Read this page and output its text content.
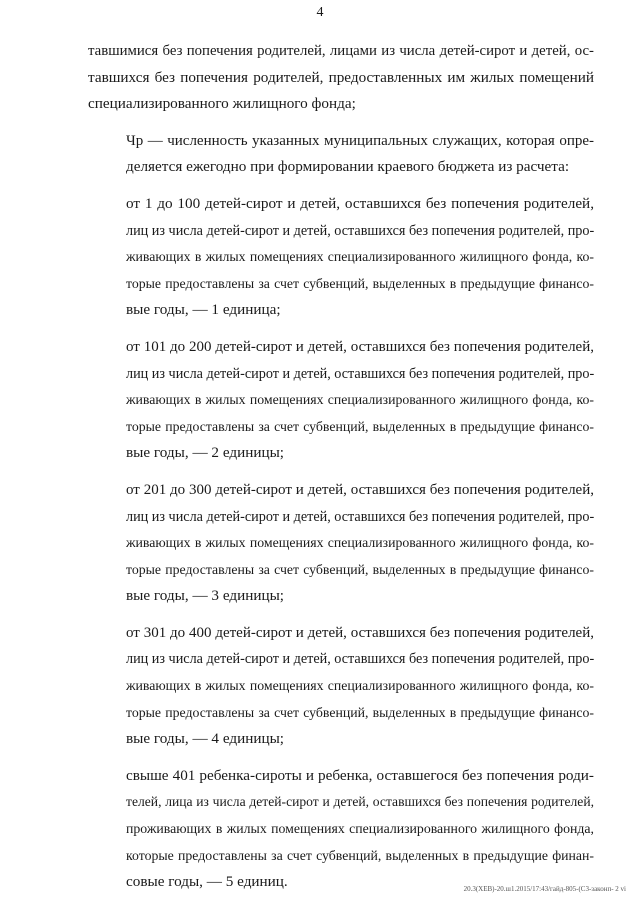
4

тавшимися без попечения родителей, лицами из числа детей-сирот и детей, ос-
тавшихся без попечения родителей, предоставленных им жилых помещений
специализированного жилищного фонда;

Чр — численность указанных муниципальных служащих, которая опре-
деляется ежегодно при формировании краевого бюджета из расчета:

от 1 до 100 детей-сирот и детей, оставшихся без попечения родителей,
лиц из числа детей-сирот и детей, оставшихся без попечения родителей, про-
живающих в жилых помещениях специализированного жилищного фонда, ко-
торые предоставлены за счет субвенций, выделенных в предыдущие финансо-
вые годы, — 1 единица;

от 101 до 200 детей-сирот и детей, оставшихся без попечения родителей,
лиц из числа детей-сирот и детей, оставшихся без попечения родителей, про-
живающих в жилых помещениях специализированного жилищного фонда, ко-
торые предоставлены за счет субвенций, выделенных в предыдущие финансо-
вые годы, — 2 единицы;

от 201 до 300 детей-сирот и детей, оставшихся без попечения родителей,
лиц из числа детей-сирот и детей, оставшихся без попечения родителей, про-
живающих в жилых помещениях специализированного жилищного фонда, ко-
торые предоставлены за счет субвенций, выделенных в предыдущие финансо-
вые годы, — 3 единицы;

от 301 до 400 детей-сирот и детей, оставшихся без попечения родителей,
лиц из числа детей-сирот и детей, оставшихся без попечения родителей, про-
живающих в жилых помещениях специализированного жилищного фонда, ко-
торые предоставлены за счет субвенций, выделенных в предыдущие финансо-
вые годы, — 4 единицы;

свыше 401 ребенка-сироты и ребенка, оставшегося без попечения роди-
телей, лица из числа детей-сирот и детей, оставшихся без попечения родителей,
проживающих в жилых помещениях специализированного жилищного фонда,
которые предоставлены за счет субвенций, выделенных в предыдущие финан-
совые годы, — 5 единиц.	20.3(XЕВ)-20.ш1.2015/17:43/гайд-805-(С3-законп- 2 vi
